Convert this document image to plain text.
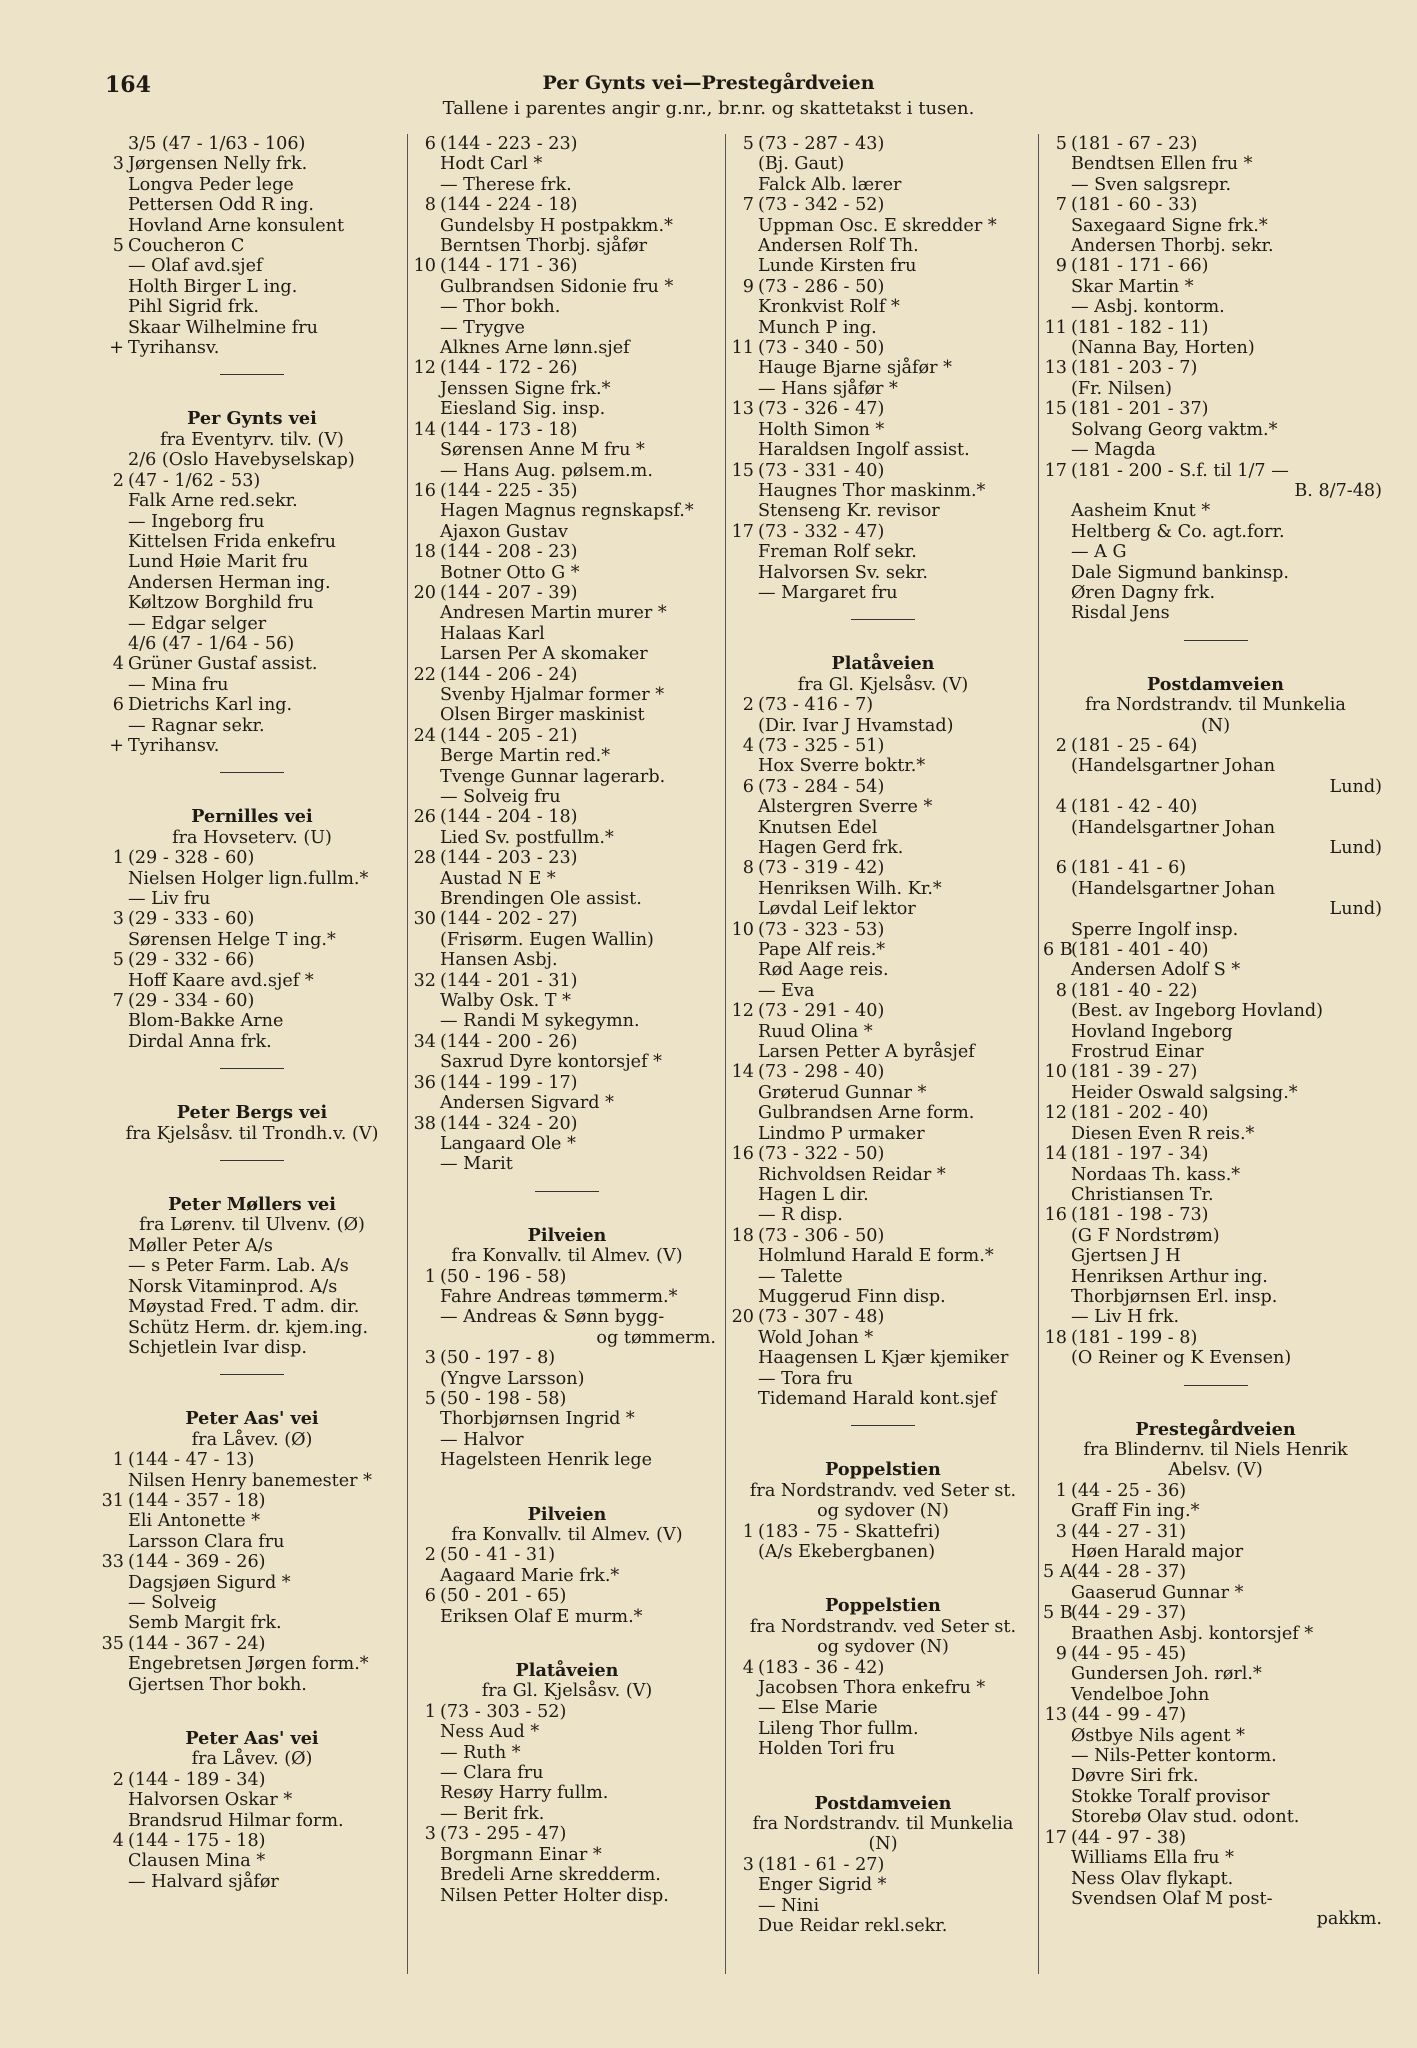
164	Per Gynts vei—Prestegårdveien
Tallene i parentes angir g.nr., br.nr. og skattetakst i tusen.
3/5 (47 - 1/63 - 106)
3 Jørgensen Nelly frk.
Longva Peder lege
Pettersen Odd R ing.
Hovland Arne konsulent
5 Coucheron C
— Olaf avd.sjef
Holth Birger L ing.
Pihl Sigrid frk.
Skaar Wilhelmine fru
+ Tyrihansv.
Per Gynts vei
fra Eventyrv. tilv. (V)
2/6 (Oslo Havebyselskap)
2 (47 - 1/62 - 53)
Falk Arne red.sekr.
— Ingeborg fru
Kittelsen Frida enkefru
Lund Høie Marit fru
Andersen Herman ing.
Køltzow Borghild fru
— Edgar selger
4/6 (47 - 1/64 - 56)
4 Grüner Gustaf assist.
— Mina fru
6 Dietrichs Karl ing.
— Ragnar sekr.
+ Tyrihansv.
Pernilles vei
fra Hovseterv. (U)
1 (29 - 328 - 60)
Nielsen Holger lign.fullm.*
— Liv fru
3 (29 - 333 - 60)
Sørensen Helge T ing.*
5 (29 - 332 - 66)
Hoff Kaare avd.sjef *
7 (29 - 334 - 60)
Blom-Bakke Arne
Dirdal Anna frk.
Peter Bergs vei
fra Kjelsåsv. til Trondh.v. (V)
Peter Møllers vei
fra Lørenv. til Ulvenv. (Ø)
Møller Peter A/s
— s Peter Farm. Lab. A/s
Norsk Vitaminprod. A/s
Møystad Fred. T adm. dir.
Schütz Herm. dr. kjem.ing.
Schjetlein Ivar disp.
Peter Aas' vei
fra Låvev. (Ø)
1 (144 - 47 - 13)
Nilsen Henry banemester *
31 (144 - 357 - 18)
Eli Antonette *
Larsson Clara fru
33 (144 - 369 - 26)
Dagsjøen Sigurd *
— Solveig
Semb Margit frk.
35 (144 - 367 - 24)
Engebretsen Jørgen form.*
Gjertsen Thor bokh.
Peter Aas' vei
fra Låvev. (Ø)
2 (144 - 189 - 34)
Halvorsen Oskar *
Brandsrud Hilmar form.
4 (144 - 175 - 18)
Clausen Mina *
— Halvard sjåfør
6 (144 - 223 - 23)
Hodt Carl *
— Therese frk.
8 (144 - 224 - 18)
Gundelsby H postpakkm.*
Berntsen Thorbj. sjåfør
10 (144 - 171 - 36)
Gulbrandsen Sidonie fru *
— Thor bokh.
— Trygve
Alknes Arne lønn.sjef
12 (144 - 172 - 26)
Jenssen Signe frk.*
Eiesland Sig. insp.
14 (144 - 173 - 18)
Sørensen Anne M fru *
— Hans Aug. pølsem.m.
16 (144 - 225 - 35)
Hagen Magnus regnskapsf.*
Ajaxon Gustav
18 (144 - 208 - 23)
Botner Otto G *
20 (144 - 207 - 39)
Andresen Martin murer *
Halaas Karl
Larsen Per A skomaker
22 (144 - 206 - 24)
Svenby Hjalmar former *
Olsen Birger maskinist
24 (144 - 205 - 21)
Berge Martin red.*
Tvenge Gunnar lagerarb.
— Solveig fru
26 (144 - 204 - 18)
Lied Sv. postfullm.*
28 (144 - 203 - 23)
Austad N E *
Brendingen Ole assist.
30 (144 - 202 - 27)
(Frisørm. Eugen Wallin)
Hansen Asbj.
32 (144 - 201 - 31)
Walby Osk. T *
— Randi M sykegymn.
34 (144 - 200 - 26)
Saxrud Dyre kontorsjef *
36 (144 - 199 - 17)
Andersen Sigvard *
38 (144 - 324 - 20)
Langaard Ole *
— Marit
Pilveien
fra Konvallv. til Almev. (V)
1 (50 - 196 - 58)
Fahre Andreas tømmerm.*
— Andreas & Sønn bygg-
og tømmerm.
3 (50 - 197 - 8)
(Yngve Larsson)
5 (50 - 198 - 58)
Thorbjørnsen Ingrid *
— Halvor
Hagelsteen Henrik lege
Pilveien
fra Konvallv. til Almev. (V)
2 (50 - 41 - 31)
Aagaard Marie frk.*
6 (50 - 201 - 65)
Eriksen Olaf E murm.*
Platåveien
fra Gl. Kjelsåsv. (V)
1 (73 - 303 - 52)
Ness Aud *
— Ruth *
— Clara fru
Resøy Harry fullm.
— Berit frk.
3 (73 - 295 - 47)
Borgmann Einar *
Bredeli Arne skredderm.
Nilsen Petter Holter disp.
5 (73 - 287 - 43)
(Bj. Gaut)
Falck Alb. lærer
7 (73 - 342 - 52)
Uppman Osc. E skredder *
Andersen Rolf Th.
Lunde Kirsten fru
9 (73 - 286 - 50)
Kronkvist Rolf *
Munch P ing.
11 (73 - 340 - 50)
Hauge Bjarne sjåfør *
— Hans sjåfør *
13 (73 - 326 - 47)
Holth Simon *
Haraldsen Ingolf assist.
15 (73 - 331 - 40)
Haugnes Thor maskinm.*
Stenseng Kr. revisor
17 (73 - 332 - 47)
Freman Rolf sekr.
Halvorsen Sv. sekr.
— Margaret fru
Platåveien
fra Gl. Kjelsåsv. (V)
2 (73 - 416 - 7)
(Dir. Ivar J Hvamstad)
4 (73 - 325 - 51)
Hox Sverre boktr.*
6 (73 - 284 - 54)
Alstergren Sverre *
Knutsen Edel
Hagen Gerd frk.
8 (73 - 319 - 42)
Henriksen Wilh. Kr.*
Løvdal Leif lektor
10 (73 - 323 - 53)
Pape Alf reis.*
Rød Aage reis.
— Eva
12 (73 - 291 - 40)
Ruud Olina *
Larsen Petter A byråsjef
14 (73 - 298 - 40)
Grøterud Gunnar *
Gulbrandsen Arne form.
Lindmo P urmaker
16 (73 - 322 - 50)
Richvoldsen Reidar *
Hagen L dir.
— R disp.
18 (73 - 306 - 50)
Holmlund Harald E form.*
— Talette
Muggerud Finn disp.
20 (73 - 307 - 48)
Wold Johan *
Haagensen L Kjær kjemiker
— Tora fru
Tidemand Harald kont.sjef
Poppelstien
fra Nordstrandv. ved Seter st.
og sydover (N)
1 (183 - 75 - Skattefri)
(A/s Ekebergbanen)
Poppelstien
fra Nordstrandv. ved Seter st.
og sydover (N)
4 (183 - 36 - 42)
Jacobsen Thora enkefru *
— Else Marie
Lileng Thor fullm.
Holden Tori fru
Postdamveien
fra Nordstrandv. til Munkelia
(N)
3 (181 - 61 - 27)
Enger Sigrid *
— Nini
Due Reidar rekl.sekr.
5 (181 - 67 - 23)
Bendtsen Ellen fru *
— Sven salgsrepr.
7 (181 - 60 - 33)
Saxegaard Signe frk.*
Andersen Thorbj. sekr.
9 (181 - 171 - 66)
Skar Martin *
— Asbj. kontorm.
11 (181 - 182 - 11)
(Nanna Bay, Horten)
13 (181 - 203 - 7)
(Fr. Nilsen)
15 (181 - 201 - 37)
Solvang Georg vaktm.*
— Magda
17 (181 - 200 - S.f. til 1/7 —
B. 8/7-48)
Aasheim Knut *
Heltberg & Co. agt.forr.
— A G
Dale Sigmund bankinsp.
Øren Dagny frk.
Risdal Jens
Postdamveien
fra Nordstrandv. til Munkelia
(N)
2 (181 - 25 - 64)
(Handelsgartner Johan
Lund)
4 (181 - 42 - 40)
(Handelsgartner Johan
Lund)
6 (181 - 41 - 6)
(Handelsgartner Johan
Lund)
Sperre Ingolf insp.
6 B(181 - 401 - 40)
Andersen Adolf S *
8 (181 - 40 - 22)
(Best. av Ingeborg Hovland)
Hovland Ingeborg
Frostrud Einar
10 (181 - 39 - 27)
Heider Oswald salgsing.*
12 (181 - 202 - 40)
Diesen Even R reis.*
14 (181 - 197 - 34)
Nordaas Th. kass.*
Christiansen Tr.
16 (181 - 198 - 73)
(G F Nordstrøm)
Gjertsen J H
Henriksen Arthur ing.
Thorbjørnsen Erl. insp.
— Liv H frk.
18 (181 - 199 - 8)
(O Reiner og K Evensen)
Prestegårdveien
fra Blindernv. til Niels Henrik
Abelsv. (V)
1 (44 - 25 - 36)
Graff Fin ing.*
3 (44 - 27 - 31)
Høen Harald major
5 A(44 - 28 - 37)
Gaaserud Gunnar *
5 B(44 - 29 - 37)
Braathen Asbj. kontorsjef *
9 (44 - 95 - 45)
Gundersen Joh. rørl.*
Vendelboe John
13 (44 - 99 - 47)
Østbye Nils agent *
— Nils-Petter kontorm.
Døvre Siri frk.
Stokke Toralf provisor
Storebø Olav stud. odont.
17 (44 - 97 - 38)
Williams Ella fru *
Ness Olav flykapt.
Svendsen Olaf M post-
pakkm.
